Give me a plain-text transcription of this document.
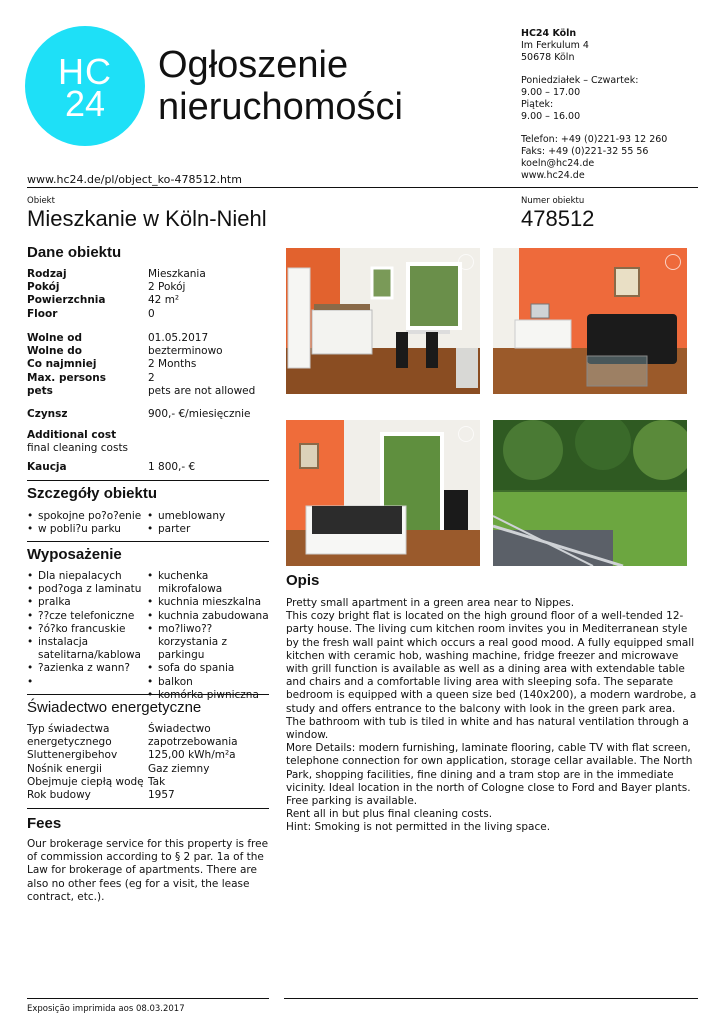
HC
24
Ogłoszenie
nieruchomości
HC24 Köln
Im Ferkulum 4
50678 Köln
Poniedziałek – Czwartek:
9.00 – 17.00
Piątek:
9.00 – 16.00
Telefon: +49 (0)221-93 12 260
Faks: +49 (0)221-32 55 56
koeln@hc24.de
www.hc24.de
www.hc24.de/pl/object_ko-478512.htm
Obiekt
Mieszkanie w Köln-Niehl
Numer obiektu
478512
Dane obiektu
Rodzaj	Mieszkania
Pokój	2 Pokój
Powierzchnia	42 m²
Floor	0
Wolne od	01.05.2017
Wolne do	bezterminowo
Co najmniej	2 Months
Max. persons	2
pets	pets are not allowed
Czynsz	900,- €/miesięcznie
Additional cost
final cleaning costs
Kaucja	1 800,- €
Szczegóły obiektu
• spokojne po?o?enie
• w pobli?u parku
• umeblowany
• parter
Wyposażenie
• Dla niepalacych
• pod?oga z laminatu
• pralka
• ??cze telefoniczne
• ?ó?ko francuskie
• instalacja satelitarna/kablowa
• ?azienka z wann?
• kuchenka mikrofalowa
• kuchnia mieszkalna
• kuchnia zabudowana
• mo?liwo?? korzystania z parkingu
• sofa do spania
• balkon
•
Świadectwo energetyczne
Typ świadectwa energetycznego
Świadectwo zapotrzebowania
Sluttenergibehov	125,00 kWh/m²a
Nośnik energii	Gaz ziemny
Obejmuje ciepłą wodę Tak
Rok budowy	1957
Fees
Our brokerage service for this property is free of commission according to § 2 par. 1a of the Law for brokerage of apartments. There are also no other fees (eg for a visit, the lease contract, etc.).
Opis
Pretty small apartment in a green area near to Nippes.
This cozy bright flat is located on the high ground floor of a well-tended 12-party house. The living cum kitchen room invites you in Mediterranean style by the fresh wall paint which occurs a real good mood. A fully equipped small kitchen with ceramic hob, washing machine, fridge freezer and microwave with grill function is available as well as a dining area with extendable table and chairs and a comfortable living area with sleeping sofa. The separate bedroom is equipped with a queen size bed (140x200), a modern wardrobe, a study and offers entrance to the balcony with look in the green park area. The bathroom with tub is tiled in white and has natural ventilation through a window.
More Details: modern furnishing, laminate flooring, cable TV with flat screen, telephone connection for own application, storage cellar available. The North Park, shopping facilities, fine dining and a tram stop are in the immediate vicinity. Ideal location in the north of Cologne close to Ford and Bayer plants. Free parking is available.
Rent all in but plus final cleaning costs.
Hint: Smoking is not permitted in the living space.
Exposição imprimida aos 08.03.2017
